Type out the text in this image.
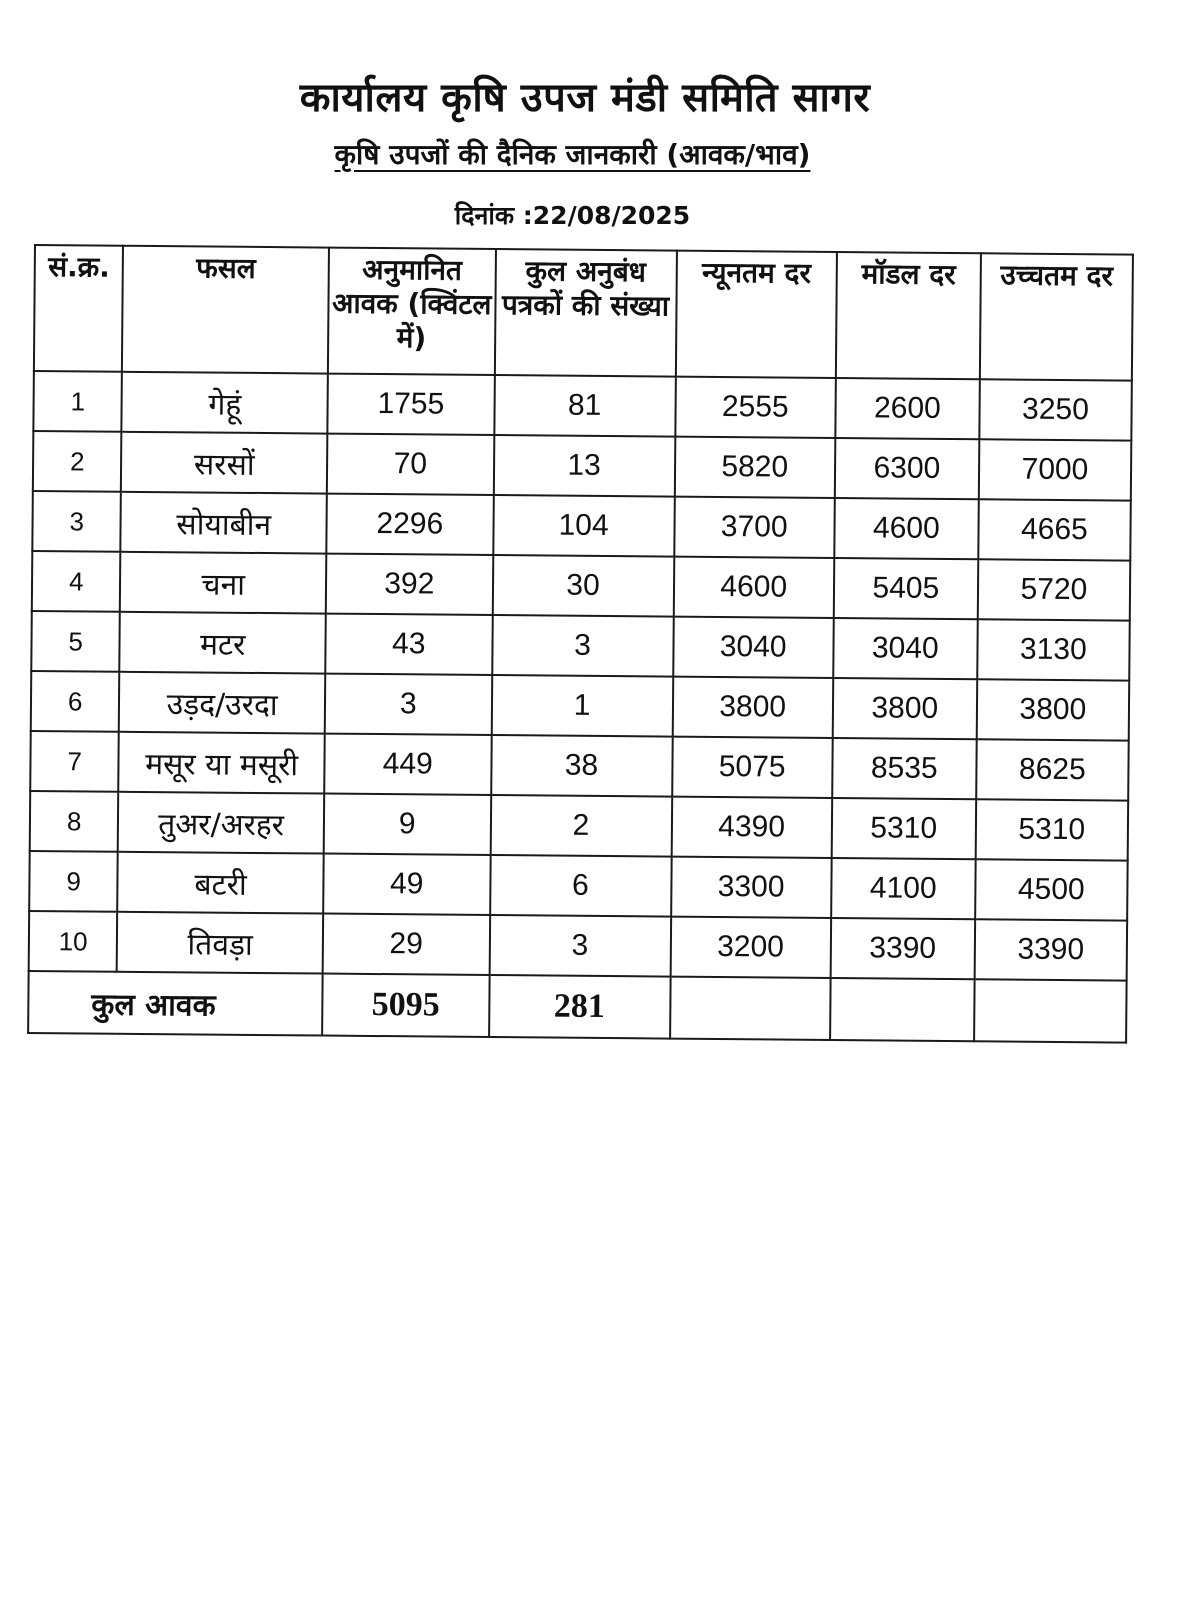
कार्यालय कृषि उपज मंडी समिति सागर
कृषि उपजों की दैनिक जानकारी (आवक/भाव)
दिनांक :22/08/2025
सं.क्र.	फसल	अनुमानित आवक (क्विंटल में)	कुल अनुबंध पत्रकों की संख्या	न्यूनतम दर	मॉडल दर	उच्चतम दर
1	गेहूं	1755	81	2555	2600	3250
2	सरसों	70	13	5820	6300	7000
3	सोयाबीन	2296	104	3700	4600	4665
4	चना	392	30	4600	5405	5720
5	मटर	43	3	3040	3040	3130
6	उड़द/उरदा	3	1	3800	3800	3800
7	मसूर या मसूरी	449	38	5075	8535	8625
8	तुअर/अरहर	9	2	4390	5310	5310
9	बटरी	49	6	3300	4100	4500
10	तिवड़ा	29	3	3200	3390	3390
कुल आवक		5095	281			
